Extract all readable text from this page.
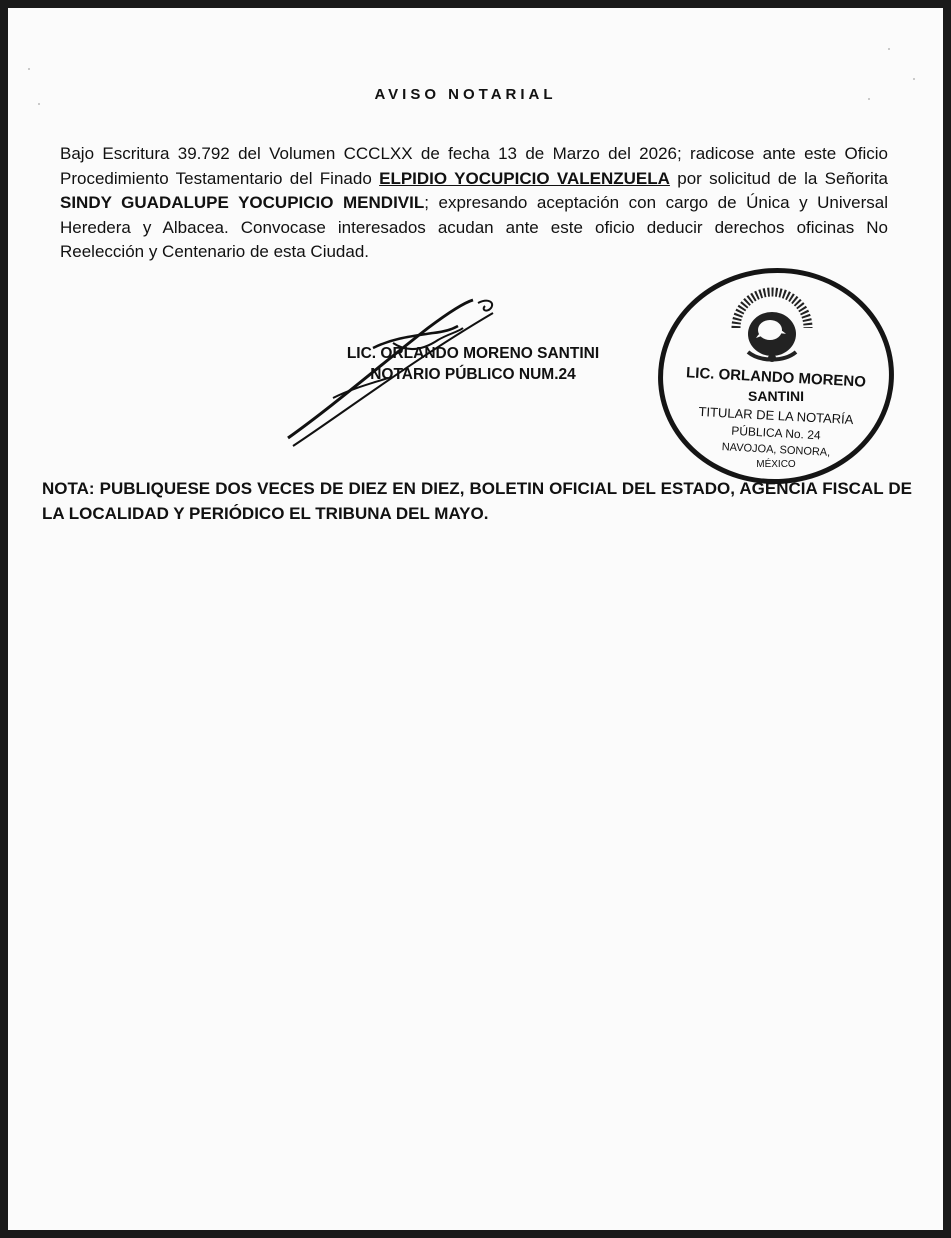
AVISO NOTARIAL
Bajo Escritura 39.792 del Volumen CCCLXX de fecha 13 de Marzo del 2026; radicose ante este Oficio Procedimiento Testamentario del Finado ELPIDIO YOCUPICIO VALENZUELA por solicitud de la Señorita SINDY GUADALUPE YOCUPICIO MENDIVIL; expresando aceptación con cargo de Única y Universal Heredera y Albacea. Convocase interesados acudan ante este oficio deducir derechos oficinas No Reelección y Centenario de esta Ciudad.
LIC. ORLANDO MORENO SANTINI
NOTARIO PÚBLICO NUM.24	LIC. ORLANDO MORENO
SANTINI
TITULAR DE LA NOTARÍA
PÚBLICA No. 24
NAVOJOA, SONORA,
MÉXICO
NOTA: PUBLIQUESE DOS VECES DE DIEZ EN DIEZ, BOLETIN OFICIAL DEL ESTADO, AGENCIA FISCAL DE LA LOCALIDAD Y PERIÓDICO EL TRIBUNA DEL MAYO.
